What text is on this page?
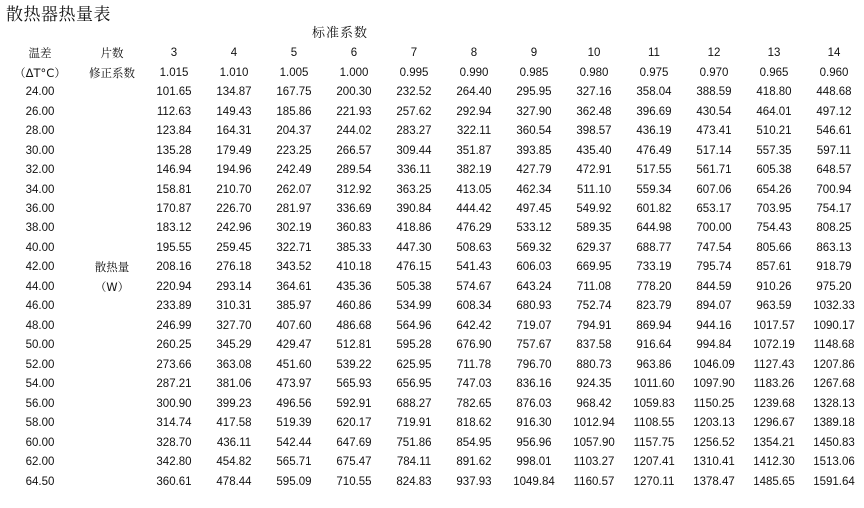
散热器热量表
标准系数
温差	片数	3	4	5	6	7	8	9	10	11	12	13	14
（ΔT°C）	修正系数	1.015	1.010	1.005	1.000	0.995	0.990	0.985	0.980	0.975	0.970	0.965	0.960
24.00		101.65	134.87	167.75	200.30	232.52	264.40	295.95	327.16	358.04	388.59	418.80	448.68
26.00		112.63	149.43	185.86	221.93	257.62	292.94	327.90	362.48	396.69	430.54	464.01	497.12
28.00		123.84	164.31	204.37	244.02	283.27	322.11	360.54	398.57	436.19	473.41	510.21	546.61
30.00		135.28	179.49	223.25	266.57	309.44	351.87	393.85	435.40	476.49	517.14	557.35	597.11
32.00		146.94	194.96	242.49	289.54	336.11	382.19	427.79	472.91	517.55	561.71	605.38	648.57
34.00		158.81	210.70	262.07	312.92	363.25	413.05	462.34	511.10	559.34	607.06	654.26	700.94
36.00		170.87	226.70	281.97	336.69	390.84	444.42	497.45	549.92	601.82	653.17	703.95	754.17
38.00		183.12	242.96	302.19	360.83	418.86	476.29	533.12	589.35	644.98	700.00	754.43	808.25
40.00		195.55	259.45	322.71	385.33	447.30	508.63	569.32	629.37	688.77	747.54	805.66	863.13
42.00	散热量	208.16	276.18	343.52	410.18	476.15	541.43	606.03	669.95	733.19	795.74	857.61	918.79
44.00	（W）	220.94	293.14	364.61	435.36	505.38	574.67	643.24	711.08	778.20	844.59	910.26	975.20
46.00		233.89	310.31	385.97	460.86	534.99	608.34	680.93	752.74	823.79	894.07	963.59	1032.33
48.00		246.99	327.70	407.60	486.68	564.96	642.42	719.07	794.91	869.94	944.16	1017.57	1090.17
50.00		260.25	345.29	429.47	512.81	595.28	676.90	757.67	837.58	916.64	994.84	1072.19	1148.68
52.00		273.66	363.08	451.60	539.22	625.95	711.78	796.70	880.73	963.86	1046.09	1127.43	1207.86
54.00		287.21	381.06	473.97	565.93	656.95	747.03	836.16	924.35	1011.60	1097.90	1183.26	1267.68
56.00		300.90	399.23	496.56	592.91	688.27	782.65	876.03	968.42	1059.83	1150.25	1239.68	1328.13
58.00		314.74	417.58	519.39	620.17	719.91	818.62	916.30	1012.94	1108.55	1203.13	1296.67	1389.18
60.00		328.70	436.11	542.44	647.69	751.86	854.95	956.96	1057.90	1157.75	1256.52	1354.21	1450.83
62.00		342.80	454.82	565.71	675.47	784.11	891.62	998.01	1103.27	1207.41	1310.41	1412.30	1513.06
64.50		360.61	478.44	595.09	710.55	824.83	937.93	1049.84	1160.57	1270.11	1378.47	1485.65	1591.64
